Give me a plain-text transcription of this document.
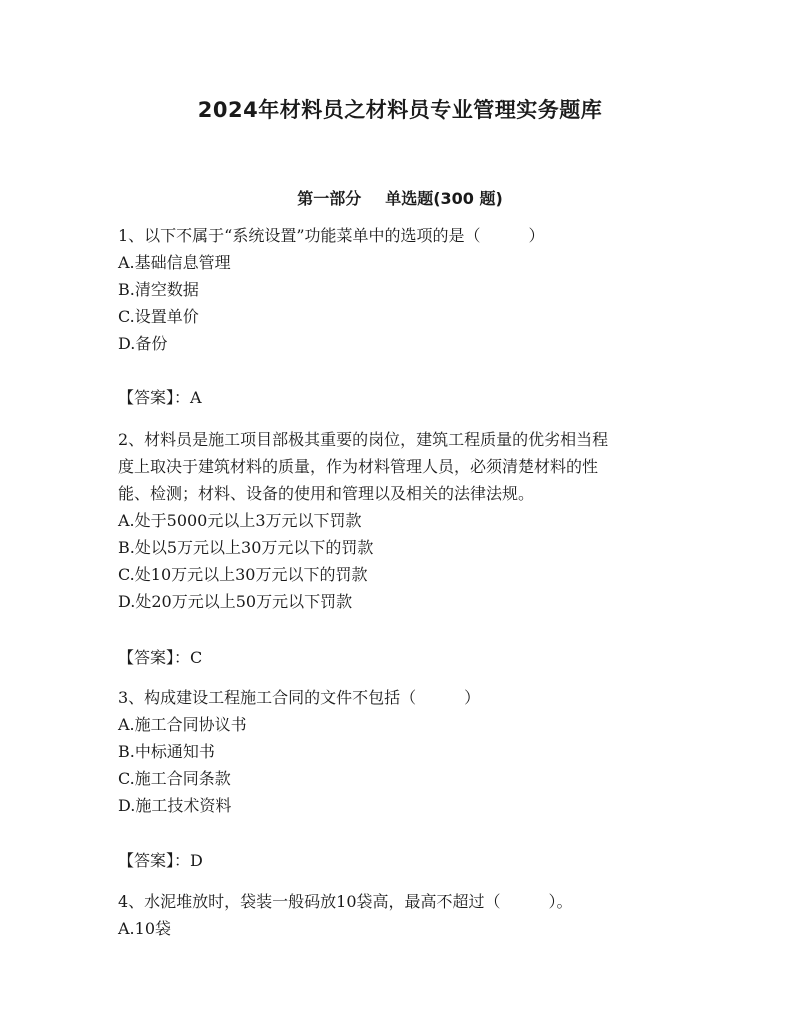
2024年材料员之材料员专业管理实务题库
第一部分 单选题(300 题)
1、以下不属于“系统设置”功能菜单中的选项的是（　　　）
A.基础信息管理
B.清空数据
C.设置单价
D.备份
【答案】：A
2、材料员是施工项目部极其重要的岗位，建筑工程质量的优劣相当程
度上取决于建筑材料的质量，作为材料管理人员，必须清楚材料的性
能、检测；材料、设备的使用和管理以及相关的法律法规。
A.处于5000元以上3万元以下罚款
B.处以5万元以上30万元以下的罚款
C.处10万元以上30万元以下的罚款
D.处20万元以上50万元以下罚款
【答案】：C
3、构成建设工程施工合同的文件不包括（　　　）
A.施工合同协议书
B.中标通知书
C.施工合同条款
D.施工技术资料
【答案】：D
4、水泥堆放时，袋装一般码放10袋高，最高不超过（　　　）。
A.10袋
